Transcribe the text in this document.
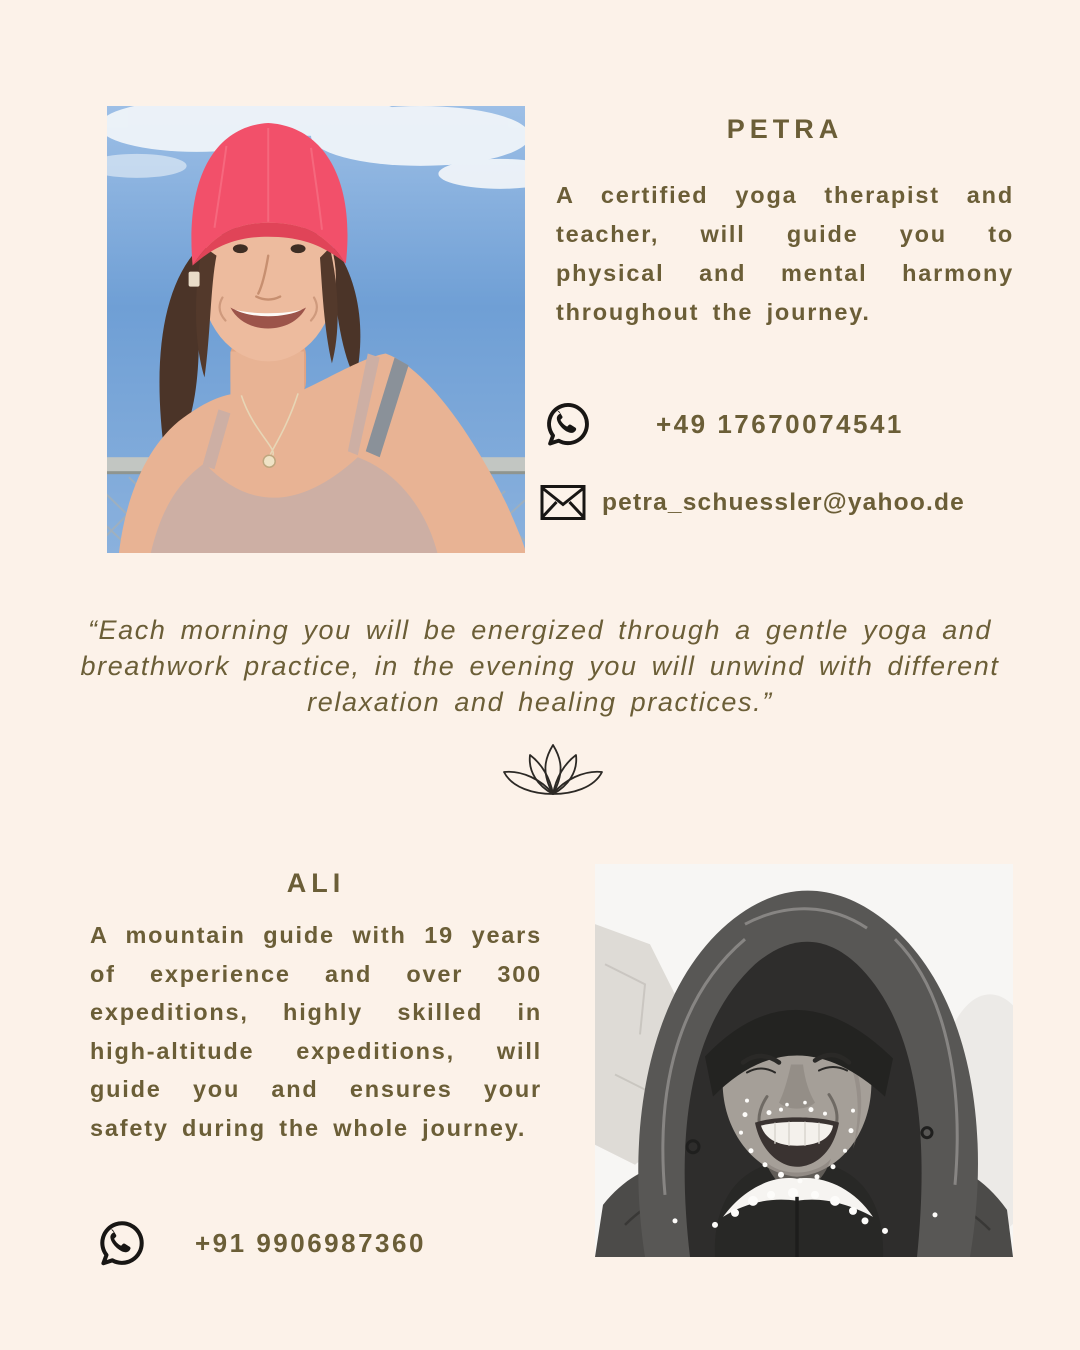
PETRA

A certified yoga therapist and teacher, will guide you to physical and mental harmony throughout the journey.

+49 17670074541
petra_schuessler@yahoo.de

“Each morning you will be energized through a gentle yoga and breathwork practice, in the evening you will unwind with different relaxation and healing practices.”

ALI

A mountain guide with 19 years of experience and over 300 expeditions, highly skilled in high-altitude expeditions, will guide you and ensures your safety during the whole journey.

+91 9906987360
